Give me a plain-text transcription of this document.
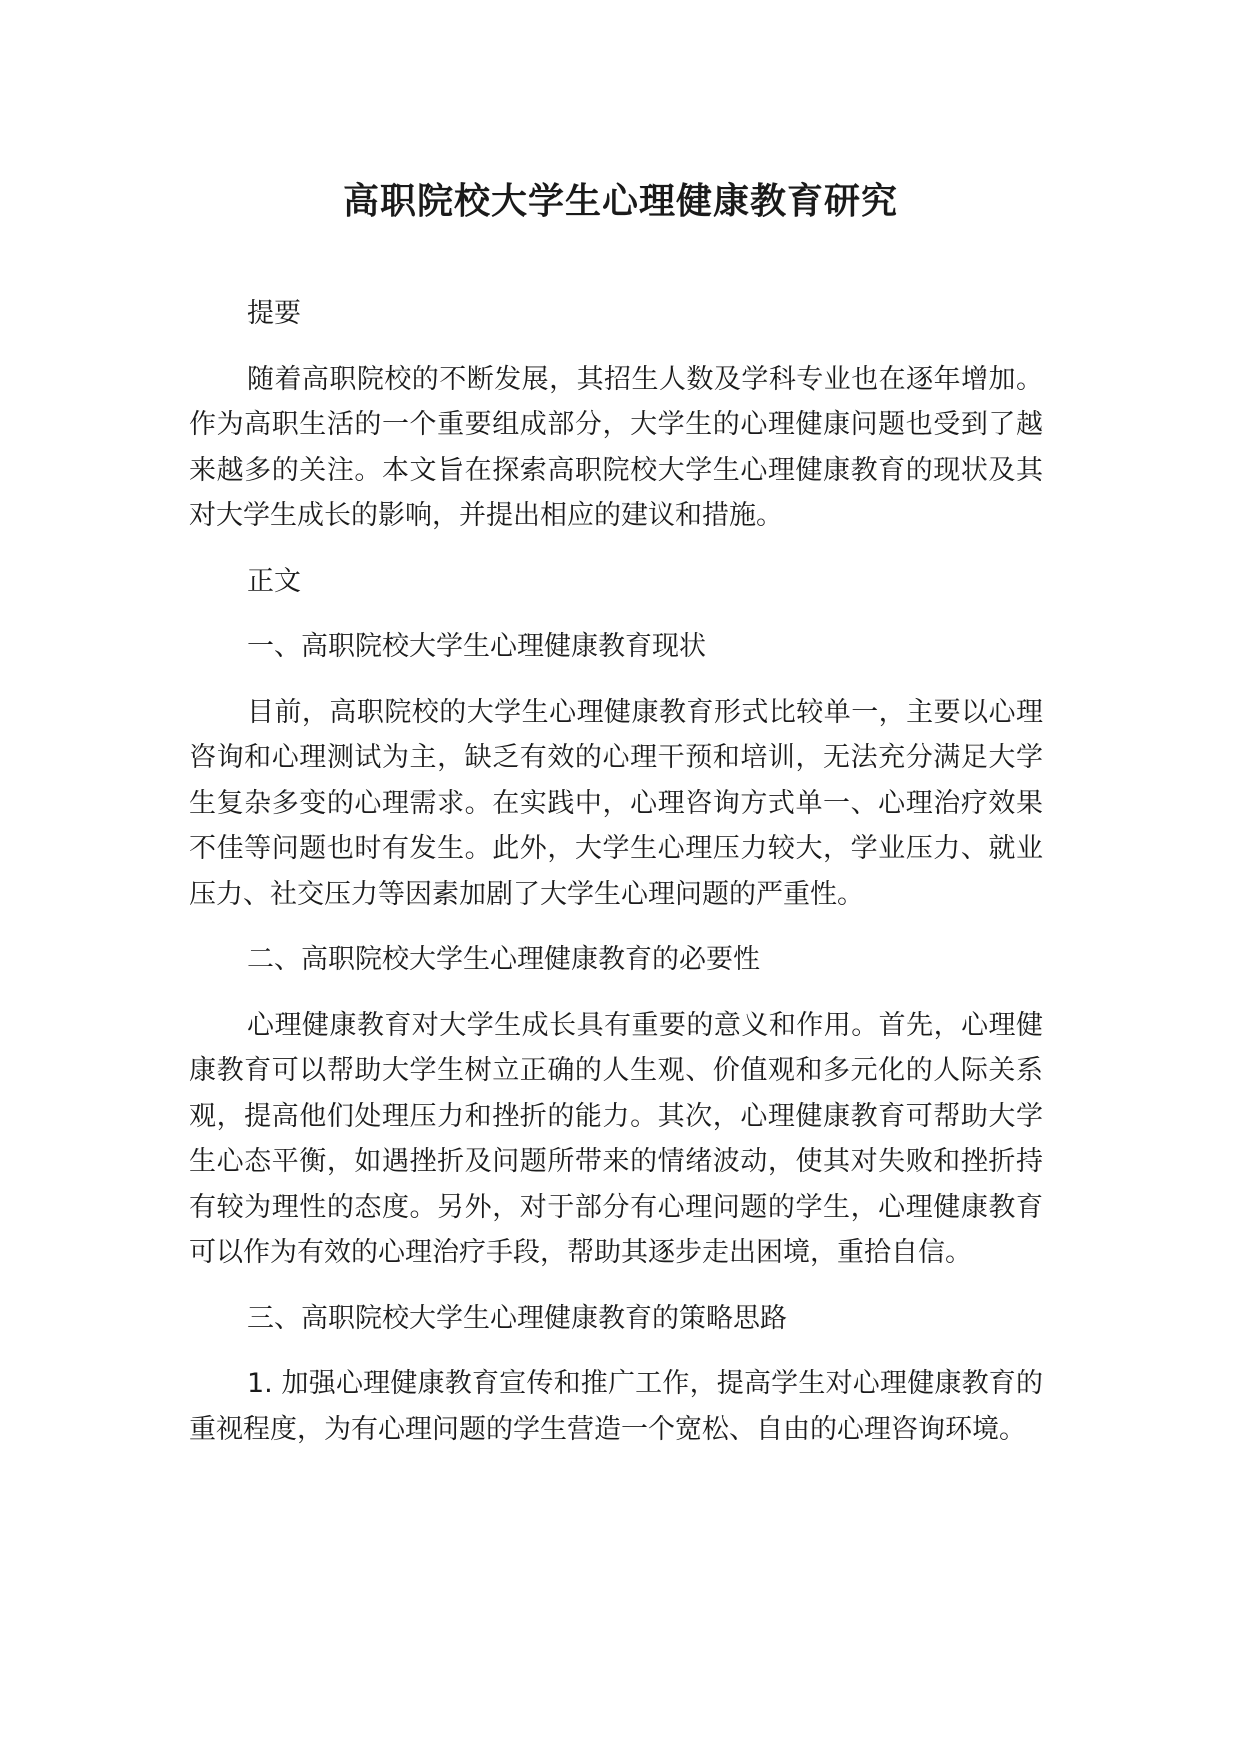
高职院校大学生心理健康教育研究

提要

随着高职院校的不断发展，其招生人数及学科专业也在逐年增加。作为高职生活的一个重要组成部分，大学生的心理健康问题也受到了越来越多的关注。本文旨在探索高职院校大学生心理健康教育的现状及其对大学生成长的影响，并提出相应的建议和措施。

正文

一、高职院校大学生心理健康教育现状

目前，高职院校的大学生心理健康教育形式比较单一，主要以心理咨询和心理测试为主，缺乏有效的心理干预和培训，无法充分满足大学生复杂多变的心理需求。在实践中，心理咨询方式单一、心理治疗效果不佳等问题也时有发生。此外，大学生心理压力较大，学业压力、就业压力、社交压力等因素加剧了大学生心理问题的严重性。

二、高职院校大学生心理健康教育的必要性

心理健康教育对大学生成长具有重要的意义和作用。首先，心理健康教育可以帮助大学生树立正确的人生观、价值观和多元化的人际关系观，提高他们处理压力和挫折的能力。其次，心理健康教育可帮助大学生心态平衡，如遇挫折及问题所带来的情绪波动，使其对失败和挫折持有较为理性的态度。另外，对于部分有心理问题的学生，心理健康教育可以作为有效的心理治疗手段，帮助其逐步走出困境，重拾自信。

三、高职院校大学生心理健康教育的策略思路

1. 加强心理健康教育宣传和推广工作，提高学生对心理健康教育的重视程度，为有心理问题的学生营造一个宽松、自由的心理咨询环境。
